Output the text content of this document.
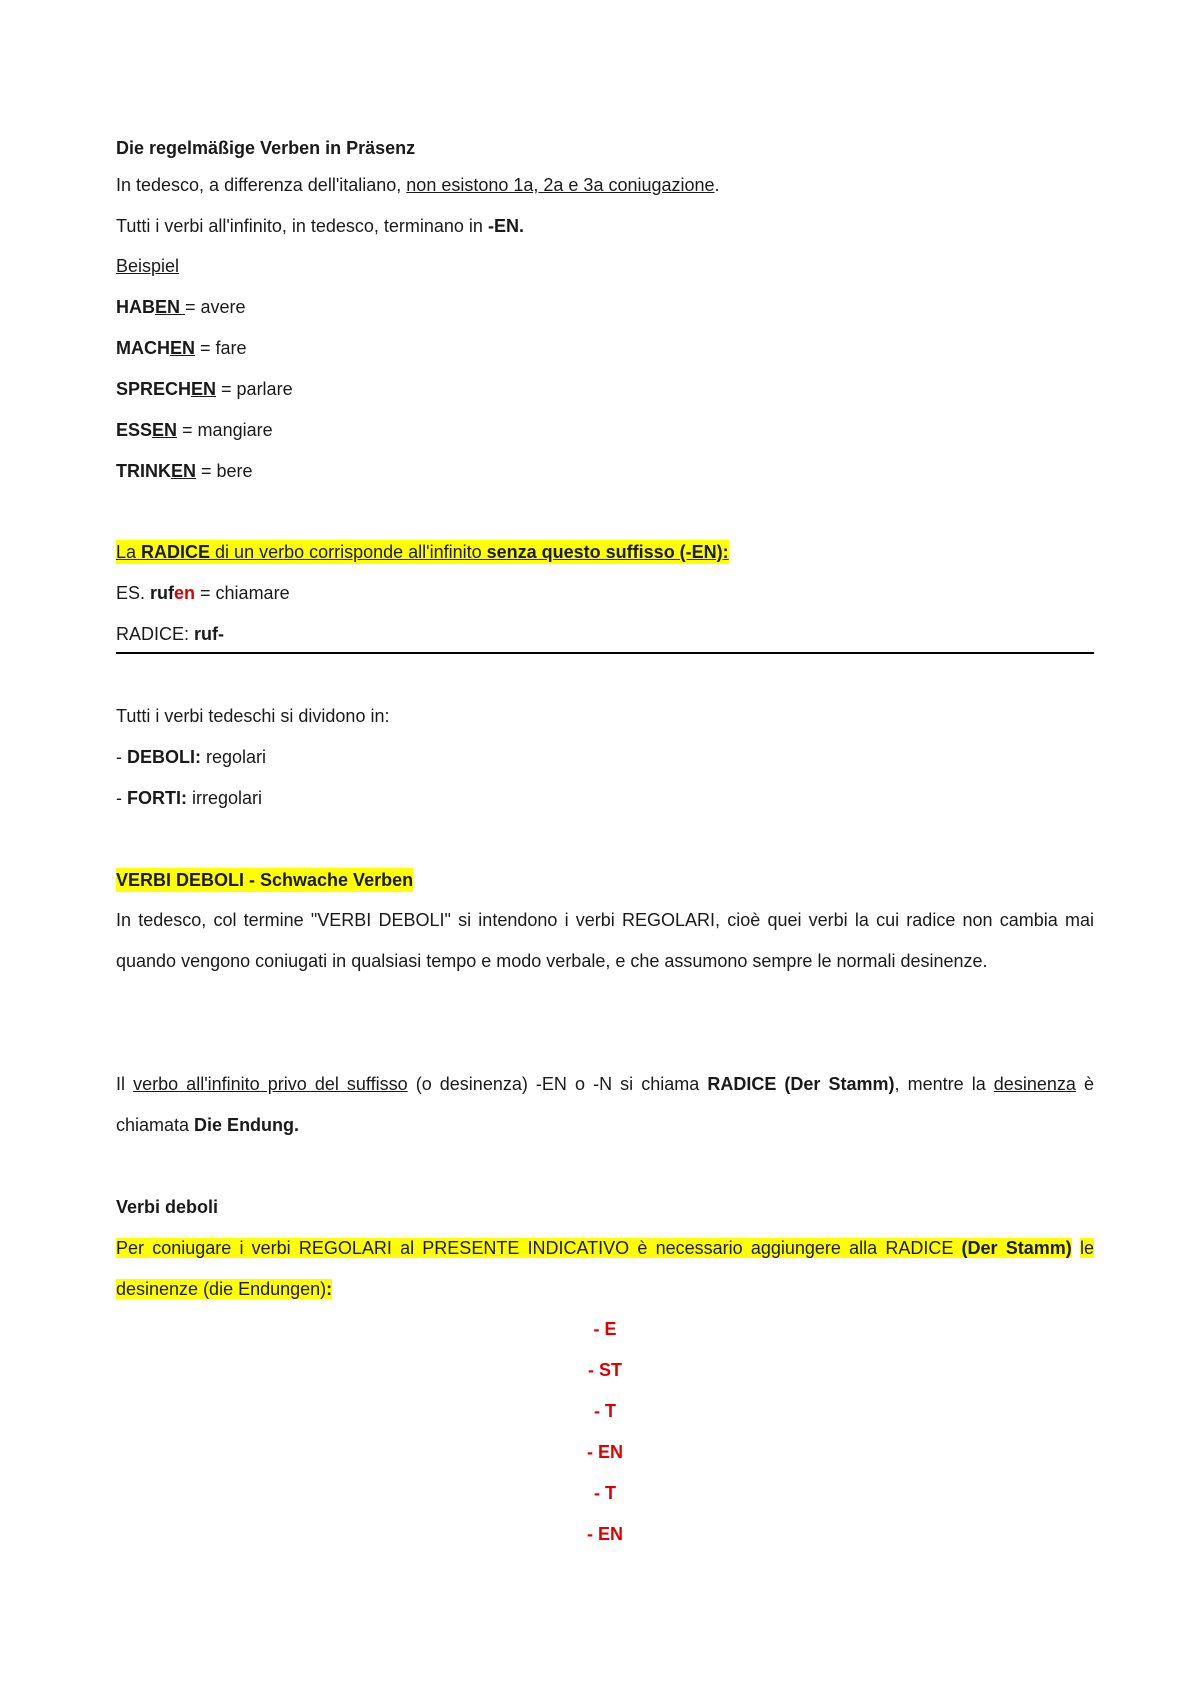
Die regelmäßige Verben in Präsenz
In tedesco, a differenza dell'italiano, non esistono 1a, 2a e 3a coniugazione.
Tutti i verbi all'infinito, in tedesco, terminano in -EN.
Beispiel
HABEN = avere
MACHEN = fare
SPRECHEN = parlare
ESSEN = mangiare
TRINKEN = bere
La RADICE di un verbo corrisponde all'infinito senza questo suffisso (-EN):
ES. rufen = chiamare
RADICE: ruf-
Tutti i verbi tedeschi si dividono in:
- DEBOLI: regolari
- FORTI: irregolari
VERBI DEBOLI - Schwache Verben
In tedesco, col termine "VERBI DEBOLI" si intendono i verbi REGOLARI, cioè quei verbi la cui radice non cambia mai quando vengono coniugati in qualsiasi tempo e modo verbale, e che assumono sempre le normali desinenze.
Il verbo all'infinito privo del suffisso (o desinenza) -EN o -N si chiama RADICE (Der Stamm), mentre la desinenza è chiamata Die Endung.
Verbi deboli
Per coniugare i verbi REGOLARI al PRESENTE INDICATIVO è necessario aggiungere alla RADICE (Der Stamm) le desinenze (die Endungen):
- E
- ST
- T
- EN
- T
- EN
